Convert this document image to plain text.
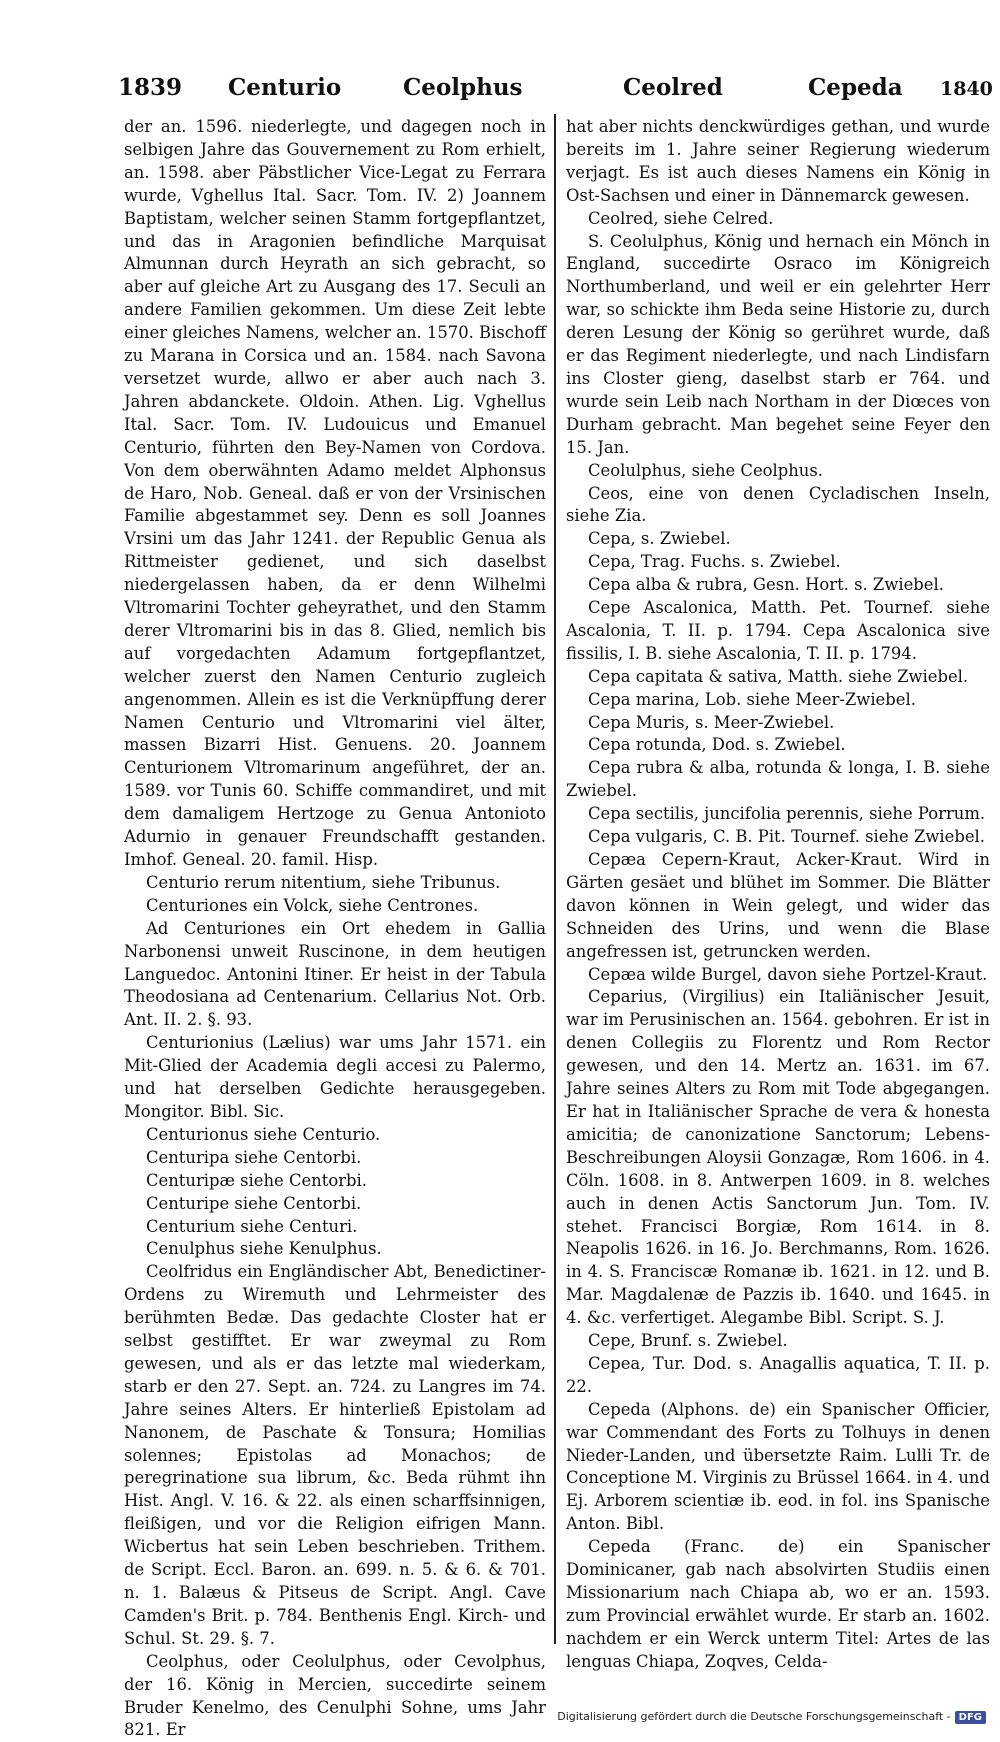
1839 Centurio	Ceolphus	Ceolred	Cepeda 1840

der an. 1596. niederlegte, und dagegen noch in selbigen Jahre das Gouvernement zu Rom erhielt, an. 1598. aber Päbstlicher Vice-Legat zu Ferrara wurde, Vghellus Ital. Sacr. Tom. IV. 2) Joannem Baptistam, welcher seinen Stamm fortgepflantzet, und das in Aragonien befindliche Marquisat Almunnan durch Heyrath an sich gebracht, so aber auf gleiche Art zu Ausgang des 17. Seculi an andere Familien gekommen. Um diese Zeit lebte einer gleiches Namens, welcher an. 1570. Bischoff zu Marana in Corsica und an. 1584. nach Savona versetzet wurde, allwo er aber auch nach 3. Jahren abdanckete. Oldoin. Athen. Lig. Vghellus Ital. Sacr. Tom. IV. Ludouicus und Emanuel Centurio, führten den Bey-Namen von Cordova. Von dem oberwähnten Adamo meldet Alphonsus de Haro, Nob. Geneal. daß er von der Vrsinischen Familie abgestammet sey. Denn es soll Joannes Vrsini um das Jahr 1241. der Republic Genua als Rittmeister gedienet, und sich daselbst niedergelassen haben, da er denn Wilhelmi Vltromarini Tochter geheyrathet, und den Stamm derer Vltromarini bis in das 8. Glied, nemlich bis auf vorgedachten Adamum fortgepflantzet, welcher zuerst den Namen Centurio zugleich angenommen. Allein es ist die Verknüpffung derer Namen Centurio und Vltromarini viel älter, massen Bizarri Hist. Genuens. 20. Joannem Centurionem Vltromarinum angeführet, der an. 1589. vor Tunis 60. Schiffe commandiret, und mit dem damaligem Hertzoge zu Genua Antonioto Adurnio in genauer Freundschafft gestanden. Imhof. Geneal. 20. famil. Hisp.

Centurio rerum nitentium, siehe Tribunus.

Centuriones ein Volck, siehe Centrones.

Ad Centuriones ein Ort ehedem in Gallia Narbonensi unweit Ruscinone, in dem heutigen Languedoc. Antonini Itiner. Er heist in der Tabula Theodosiana ad Centenarium. Cellarius Not. Orb. Ant. II. 2. §. 93.

Centurionius (Lælius) war ums Jahr 1571. ein Mit-Glied der Academia degli accesi zu Palermo, und hat derselben Gedichte herausgegeben. Mongitor. Bibl. Sic.

Centurionus siehe Centurio.

Centuripa siehe Centorbi.

Centuripæ siehe Centorbi.

Centuripe siehe Centorbi.

Centurium siehe Centuri.

Cenulphus siehe Kenulphus.

Ceolfridus ein Engländischer Abt, Benedictiner-Ordens zu Wiremuth und Lehrmeister des berühmten Bedæ. Das gedachte Closter hat er selbst gestifftet. Er war zweymal zu Rom gewesen, und als er das letzte mal wiederkam, starb er den 27. Sept. an. 724. zu Langres im 74. Jahre seines Alters. Er hinterließ Epistolam ad Nanonem, de Paschate & Tonsura; Homilias solennes; Epistolas ad Monachos; de peregrinatione sua librum, &c. Beda rühmt ihn Hist. Angl. V. 16. & 22. als einen scharffsinnigen, fleißigen, und vor die Religion eifrigen Mann. Wicbertus hat sein Leben beschrieben. Trithem. de Script. Eccl. Baron. an. 699. n. 5. & 6. & 701. n. 1. Balæus & Pitseus de Script. Angl. Cave Camden's Brit. p. 784. Benthenis Engl. Kirch- und Schul. St. 29. §. 7.

Ceolphus, oder Ceolulphus, oder Cevolphus, der 16. König in Mercien, succedirte seinem Bruder Kenelmo, des Cenulphi Sohne, ums Jahr 821. Er

hat aber nichts denckwürdiges gethan, und wurde bereits im 1. Jahre seiner Regierung wiederum verjagt. Es ist auch dieses Namens ein König in Ost-Sachsen und einer in Dännemarck gewesen.

Ceolred, siehe Celred.

S. Ceolulphus, König und hernach ein Mönch in England, succedirte Osraco im Königreich Northumberland, und weil er ein gelehrter Herr war, so schickte ihm Beda seine Historie zu, durch deren Lesung der König so gerühret wurde, daß er das Regiment niederlegte, und nach Lindisfarn ins Closter gieng, daselbst starb er 764. und wurde sein Leib nach Northam in der Diœces von Durham gebracht. Man begehet seine Feyer den 15. Jan.

Ceolulphus, siehe Ceolphus.

Ceos, eine von denen Cycladischen Inseln, siehe Zia.

Cepa, s. Zwiebel.

Cepa, Trag. Fuchs. s. Zwiebel.

Cepa alba & rubra, Gesn. Hort. s. Zwiebel.

Cepe Ascalonica, Matth. Pet. Tournef. siehe Ascalonia, T. II. p. 1794. Cepa Ascalonica sive fissilis, I. B. siehe Ascalonia, T. II. p. 1794.

Cepa capitata & sativa, Matth. siehe Zwiebel.

Cepa marina, Lob. siehe Meer-Zwiebel.

Cepa Muris, s. Meer-Zwiebel.

Cepa rotunda, Dod. s. Zwiebel.

Cepa rubra & alba, rotunda & longa, I. B. siehe Zwiebel.

Cepa sectilis, juncifolia perennis, siehe Porrum.

Cepa vulgaris, C. B. Pit. Tournef. siehe Zwiebel.

Cepæa Cepern-Kraut, Acker-Kraut. Wird in Gärten gesäet und blühet im Sommer. Die Blätter davon können in Wein gelegt, und wider das Schneiden des Urins, und wenn die Blase angefressen ist, getruncken werden.

Cepæa wilde Burgel, davon siehe Portzel-Kraut.

Ceparius, (Virgilius) ein Italiänischer Jesuit, war im Perusinischen an. 1564. gebohren. Er ist in denen Collegiis zu Florentz und Rom Rector gewesen, und den 14. Mertz an. 1631. im 67. Jahre seines Alters zu Rom mit Tode abgegangen. Er hat in Italiänischer Sprache de vera & honesta amicitia; de canonizatione Sanctorum; Lebens-Beschreibungen Aloysii Gonzagæ, Rom 1606. in 4. Cöln. 1608. in 8. Antwerpen 1609. in 8. welches auch in denen Actis Sanctorum Jun. Tom. IV. stehet. Francisci Borgiæ, Rom 1614. in 8. Neapolis 1626. in 16. Jo. Berchmanns, Rom. 1626. in 4. S. Franciscæ Romanæ ib. 1621. in 12. und B. Mar. Magdalenæ de Pazzis ib. 1640. und 1645. in 4. &c. verfertiget. Alegambe Bibl. Script. S. J.

Cepe, Brunf. s. Zwiebel.

Cepea, Tur. Dod. s. Anagallis aquatica, T. II. p. 22.

Cepeda (Alphons. de) ein Spanischer Officier, war Commendant des Forts zu Tolhuys in denen Nieder-Landen, und übersetzte Raim. Lulli Tr. de Conceptione M. Virginis zu Brüssel 1664. in 4. und Ej. Arborem scientiæ ib. eod. in fol. ins Spanische Anton. Bibl.

Cepeda (Franc. de) ein Spanischer Dominicaner, gab nach absolvirten Studiis einen Missionarium nach Chiapa ab, wo er an. 1593. zum Provincial erwählet wurde. Er starb an. 1602. nachdem er ein Werck unterm Titel: Artes de las lenguas Chiapa, Zoqves, Celda-

Digitalisierung gefördert durch die Deutsche Forschungsgemeinschaft - DFG
